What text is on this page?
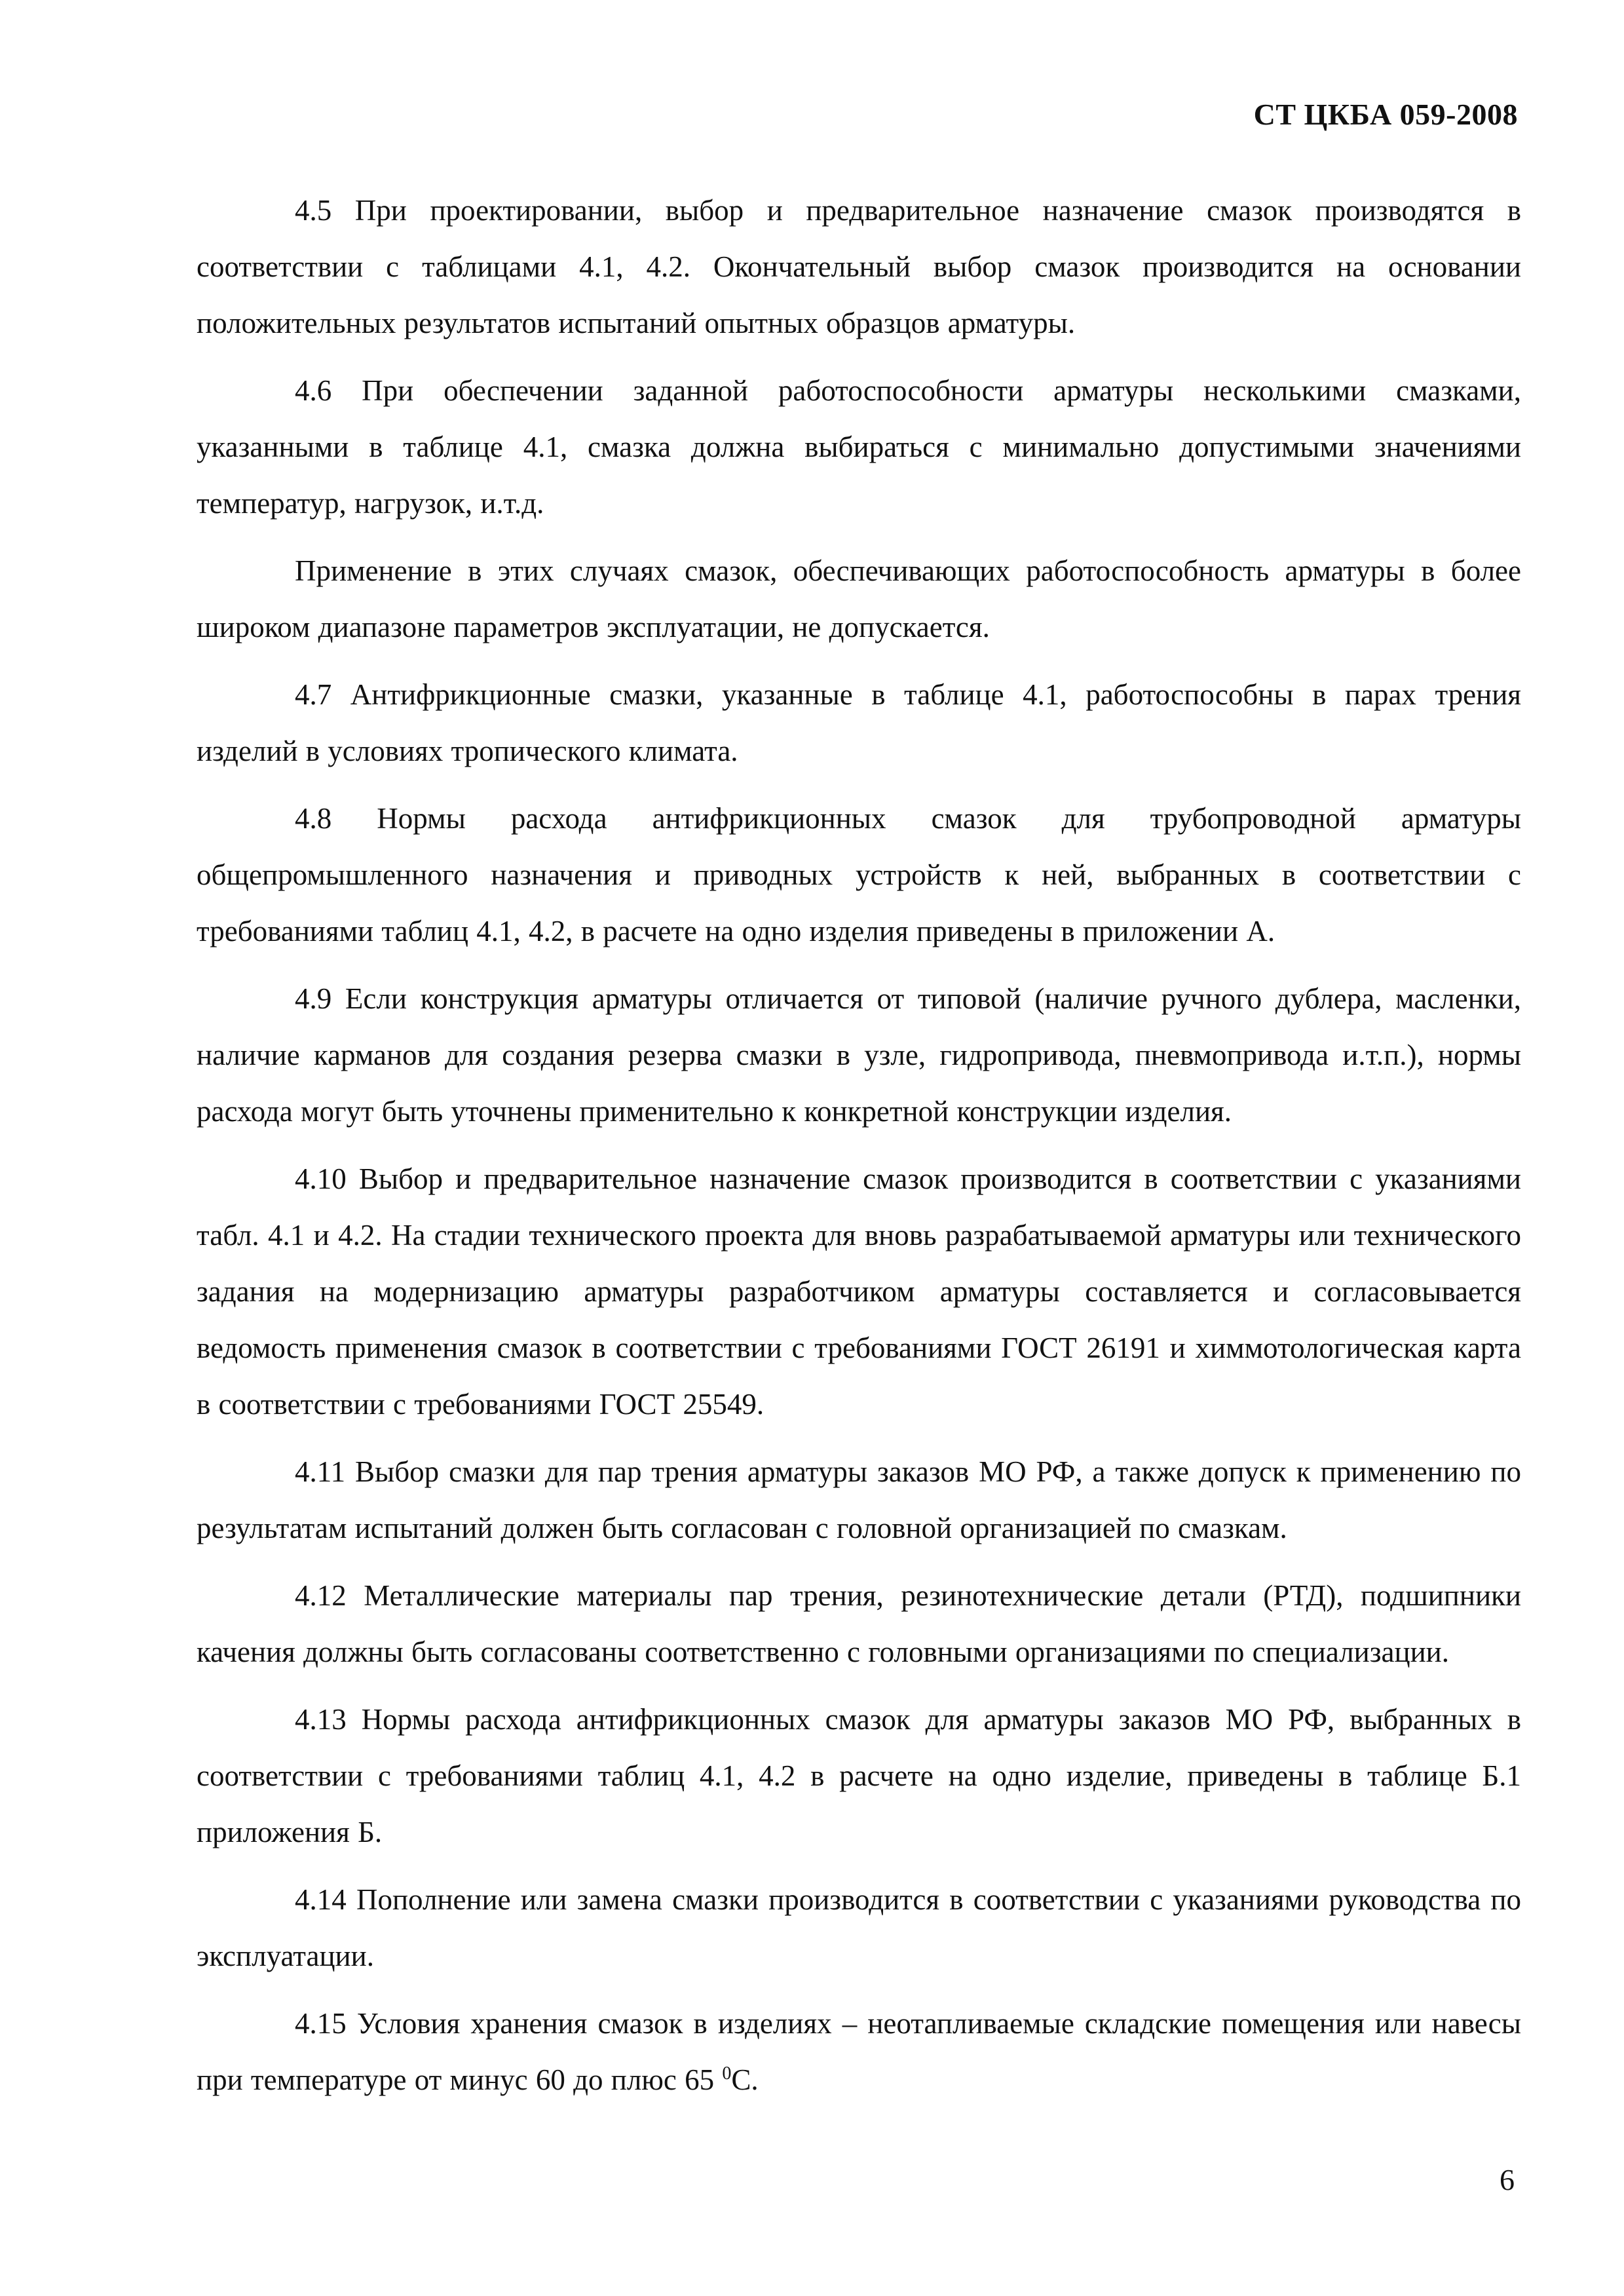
СТ ЦКБА 059-2008

4.5 При проектировании, выбор и предварительное назначение смазок производятся в соответствии с таблицами 4.1, 4.2. Окончательный выбор смазок производится на основании положительных результатов испытаний опытных образцов арматуры.

4.6 При обеспечении заданной работоспособности арматуры несколькими смазками, указанными в таблице 4.1, смазка должна выбираться с минимально допустимыми значениями температур, нагрузок, и.т.д.

Применение в этих случаях смазок, обеспечивающих работоспособность арматуры в более широком диапазоне параметров эксплуатации, не допускается.

4.7 Антифрикционные смазки, указанные в таблице 4.1, работоспособны в парах трения изделий в условиях тропического климата.

4.8 Нормы расхода антифрикционных смазок для трубопроводной арматуры общепромышленного назначения и приводных устройств к ней, выбранных в соответствии с требованиями таблиц 4.1, 4.2, в расчете на одно изделия приведены в приложении А.

4.9 Если конструкция арматуры отличается от типовой (наличие ручного дублера, масленки, наличие карманов для создания резерва смазки в узле, гидропривода, пневмопривода и.т.п.), нормы расхода могут быть уточнены применительно к конкретной конструкции изделия.

4.10 Выбор и предварительное назначение смазок производится в соответствии с указаниями табл. 4.1 и 4.2. На стадии технического проекта для вновь разрабатываемой арматуры или технического задания на модернизацию арматуры разработчиком арматуры составляется и согласовывается ведомость применения смазок в соответствии с требованиями ГОСТ 26191 и химмотологическая карта в соответствии с требованиями ГОСТ 25549.

4.11 Выбор смазки для пар трения арматуры заказов МО РФ, а также допуск к применению по результатам испытаний должен быть согласован с головной организацией по смазкам.

4.12 Металлические материалы пар трения, резинотехнические детали (РТД), подшипники качения должны быть согласованы соответственно с головными организациями по специализации.

4.13 Нормы расхода антифрикционных смазок для арматуры заказов МО РФ, выбранных в соответствии с требованиями таблиц 4.1, 4.2 в расчете на одно изделие, приведены в таблице Б.1 приложения Б.

4.14 Пополнение или замена смазки производится в соответствии с указаниями руководства по эксплуатации.

4.15 Условия хранения смазок в изделиях – неотапливаемые складские помещения или навесы при температуре от минус 60 до плюс 65 $^0$С.

6
